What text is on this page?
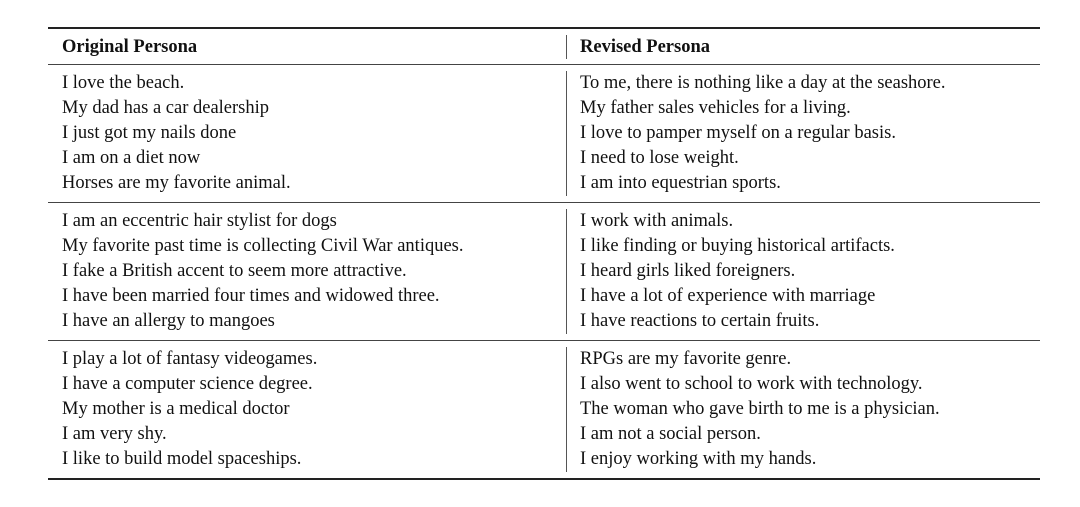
Original Persona	Revised Persona
I love the beach.
My dad has a car dealership
I just got my nails done
I am on a diet now
Horses are my favorite animal.
To me, there is nothing like a day at the seashore.
My father sales vehicles for a living.
I love to pamper myself on a regular basis.
I need to lose weight.
I am into equestrian sports.
I am an eccentric hair stylist for dogs
My favorite past time is collecting Civil War antiques.
I fake a British accent to seem more attractive.
I have been married four times and widowed three.
I have an allergy to mangoes
I work with animals.
I like finding or buying historical artifacts.
I heard girls liked foreigners.
I have a lot of experience with marriage
I have reactions to certain fruits.
I play a lot of fantasy videogames.
I have a computer science degree.
My mother is a medical doctor
I am very shy.
I like to build model spaceships.
RPGs are my favorite genre.
I also went to school to work with technology.
The woman who gave birth to me is a physician.
I am not a social person.
I enjoy working with my hands.
